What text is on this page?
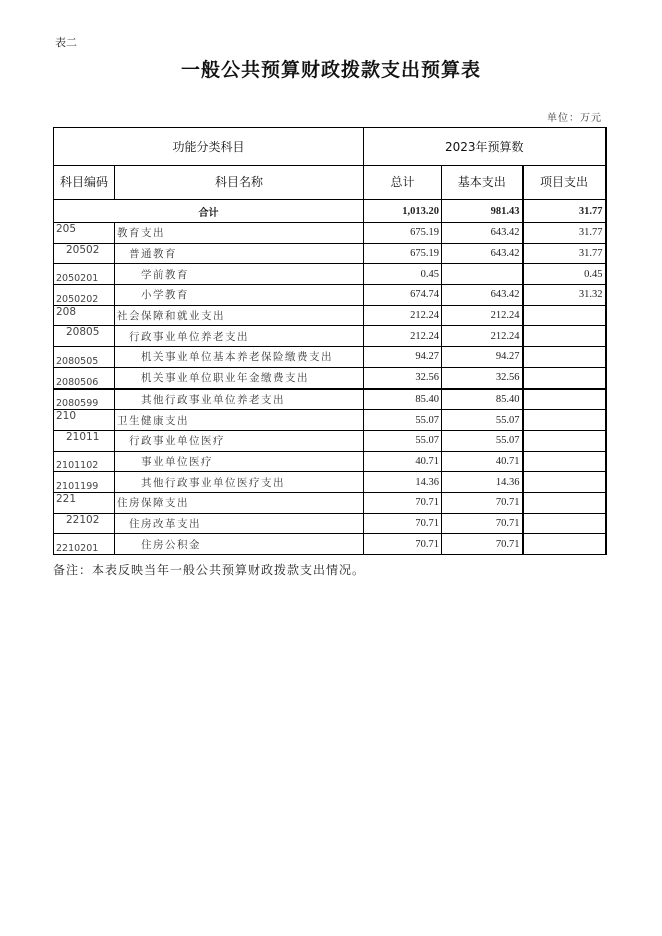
表二
一般公共预算财政拨款支出预算表
单位：万元
功能分类科目		2023年预算数		
科目编码	科目名称	总计	基本支出	项目支出
合计		1,013.20	981.43	31.77
205	教育支出	675.19	643.42	31.77
20502	普通教育	675.19	643.42	31.77
2050201	学前教育	0.45		0.45
2050202	小学教育	674.74	643.42	31.32
208	社会保障和就业支出	212.24	212.24	
20805	行政事业单位养老支出	212.24	212.24	
2080505	机关事业单位基本养老保险缴费支出	94.27	94.27	
2080506	机关事业单位职业年金缴费支出	32.56	32.56	
2080599	其他行政事业单位养老支出	85.40	85.40	
210	卫生健康支出	55.07	55.07	
21011	行政事业单位医疗	55.07	55.07	
2101102	事业单位医疗	40.71	40.71	
2101199	其他行政事业单位医疗支出	14.36	14.36	
221	住房保障支出	70.71	70.71	
22102	住房改革支出	70.71	70.71	
2210201	住房公积金	70.71	70.71	
备注：本表反映当年一般公共预算财政拨款支出情况。
